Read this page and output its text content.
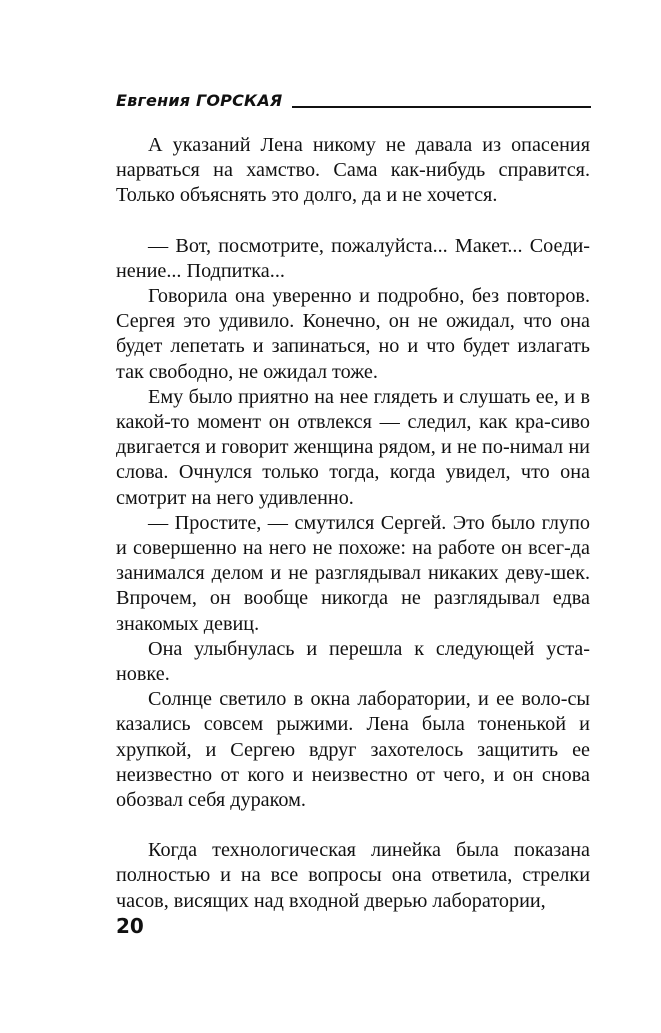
Евгения ГОРСКАЯ

А указаний Лена никому не давала из опасения нарваться на хамство. Сама как-нибудь справится. Только объяснять это долго, да и не хочется.

— Вот, посмотрите, пожалуйста... Макет... Соеди-нение... Подпитка...

Говорила она уверенно и подробно, без повторов. Сергея это удивило. Конечно, он не ожидал, что она будет лепетать и запинаться, но и что будет излагать так свободно, не ожидал тоже.

Ему было приятно на нее глядеть и слушать ее, и в какой-то момент он отвлекся — следил, как кра-сиво двигается и говорит женщина рядом, и не по-нимал ни слова. Очнулся только тогда, когда увидел, что она смотрит на него удивленно.

— Простите, — смутился Сергей. Это было глупо и совершенно на него не похоже: на работе он всег-да занимался делом и не разглядывал никаких деву-шек. Впрочем, он вообще никогда не разглядывал едва знакомых девиц.

Она улыбнулась и перешла к следующей уста-новке.

Солнце светило в окна лаборатории, и ее воло-сы казались совсем рыжими. Лена была тоненькой и хрупкой, и Сергею вдруг захотелось защитить ее неизвестно от кого и неизвестно от чего, и он снова обозвал себя дураком.

Когда технологическая линейка была показана полностью и на все вопросы она ответила, стрелки часов, висящих над входной дверью лаборатории,

20
